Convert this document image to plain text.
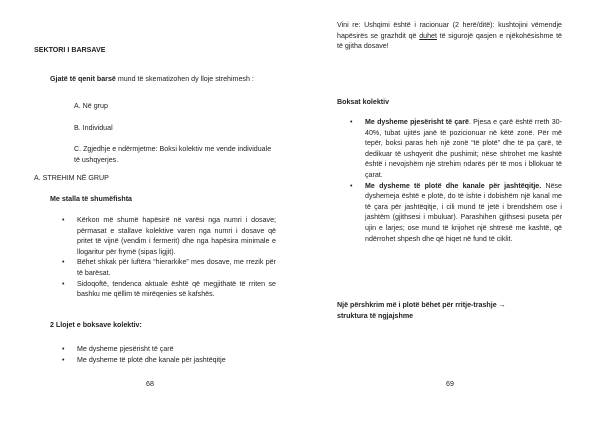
SEKTORI I BARSAVE
Gjatë të qenit barsë mund të skematizohen dy lloje strehimesh :
A. Në grup
B. Individual
C. Zgjedhje e ndërmjetme: Boksi kolektiv me vende individuale të ushqyerjes.
A. STREHIM NË GRUP
Me stalla të shumëfishta
• Kërkon më shumë hapësirë në varësi nga numri i dosave; përmasat e stallave kolektive varen nga numri i dosave që pritet të vijnë (vendim i fermerit) dhe nga hapësira minimale e llogaritur për frymë (sipas ligjit).
• Bëhet shkak për luftëra “hierarkike” mes dosave, me rrezik për të barësat.
• Sidoqoftë, tendenca aktuale është që megjithatë të rriten se bashku me qëllim të mirëqenies së kafshës.
2 Llojet e boksave kolektiv:
• Me dysheme pjesërisht të çarë
• Me dysheme të plotë dhe kanale për jashtëqitje
68
Vini re: Ushqimi është i racionuar (2 herë/ditë): kushtojini vëmendje hapësirës se grazhdit që duhet të sigurojë qasjen e njëkohësishme të të gjitha dosave!
Boksat kolektiv
• Me dysheme pjesërisht të çarë. Pjesa e çarë është rreth 30-40%, tubat ujitës janë të pozicionuar në këtë zonë. Për më tepër, boksi paras heh një zonë “të plotë” dhe të pa çarë, të dedikuar të ushqyerit dhe pushimit; nëse shtrohet me kashtë është i nevojshëm një strehim ndarës për të mos i bllokuar të çarat.
• Me dysheme të plotë dhe kanale për jashtëqitje. Nëse dyshemeja është e plotë, do të ishte i dobishëm një kanal me të çara për jashtëqitje, i cili mund të jetë i brendshëm ose i jashtëm (gjithsesi i mbuluar). Parashihen gjithsesi puseta për ujin e larjes; ose mund të krijohet një shtresë me kashtë, që ndërrohet shpesh dhe që hiqet në fund të ciklit.
Një përshkrim më i plotë bëhet për rritje-trashje →
struktura të ngjajshme
69
